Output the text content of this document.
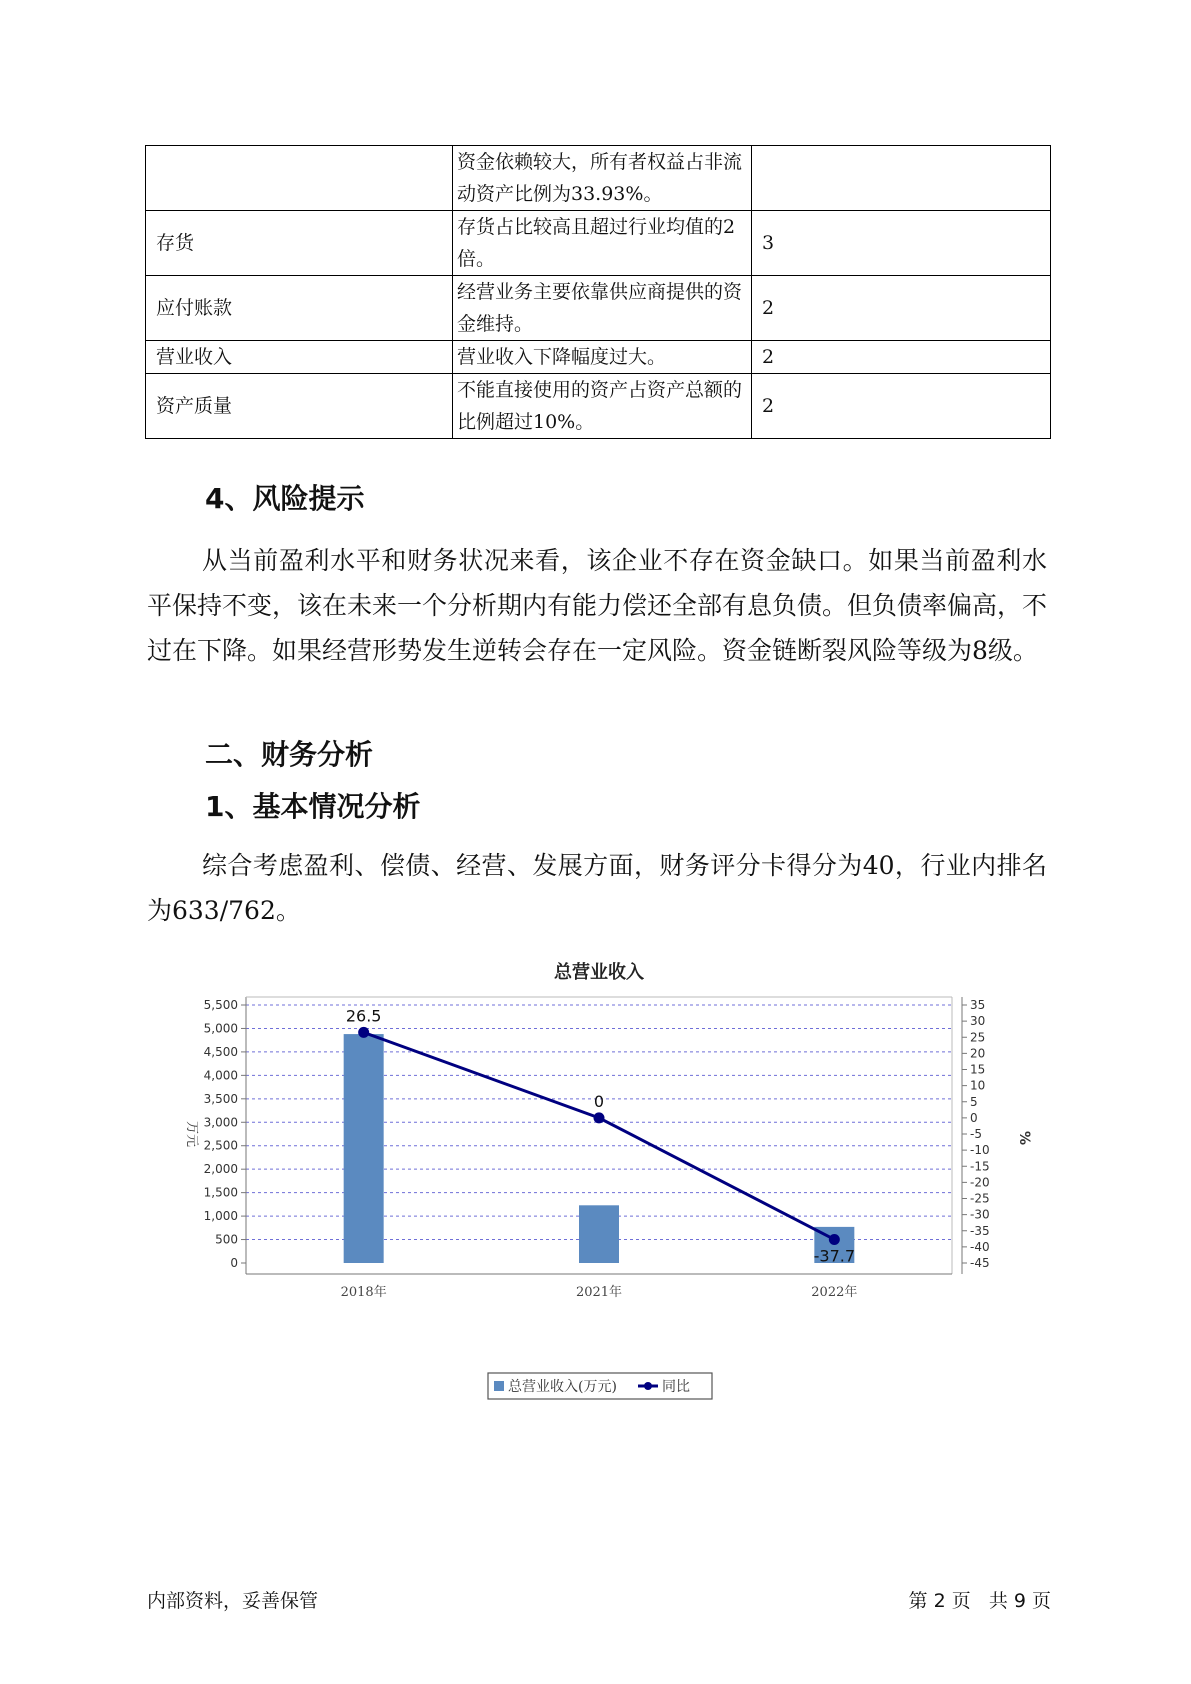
	资金依赖较大，所有者权益占非流动资产比例为33.93%。	
存货	存货占比较高且超过行业均值的2倍。	3
应付账款	经营业务主要依靠供应商提供的资金维持。	2
营业收入	营业收入下降幅度过大。	2
资产质量	不能直接使用的资产占资产总额的比例超过10%。	2
4、风险提示
从当前盈利水平和财务状况来看，该企业不存在资金缺口。如果当前盈利水平保持不变，该在未来一个分析期内有能力偿还全部有息负债。但负债率偏高，不过在下降。如果经营形势发生逆转会存在一定风险。资金链断裂风险等级为8级。
二、财务分析
1、基本情况分析
综合考虑盈利、偿债、经营、发展方面，财务评分卡得分为40，行业内排名为633/762。
总营业收入
0
500
1,000
1,500
2,000
2,500
3,000
3,500
4,000
4,500
5,000
5,500
-45
-40
-35
-30
-25
-20
-15
-10
-5
0
5
10
15
20
25
30
35
万元	%
2018年	2021年	2022年
26.5
0
-37.7
总营业收入(万元)	同比
内部资料，妥善保管	第 2 页   共 9 页
